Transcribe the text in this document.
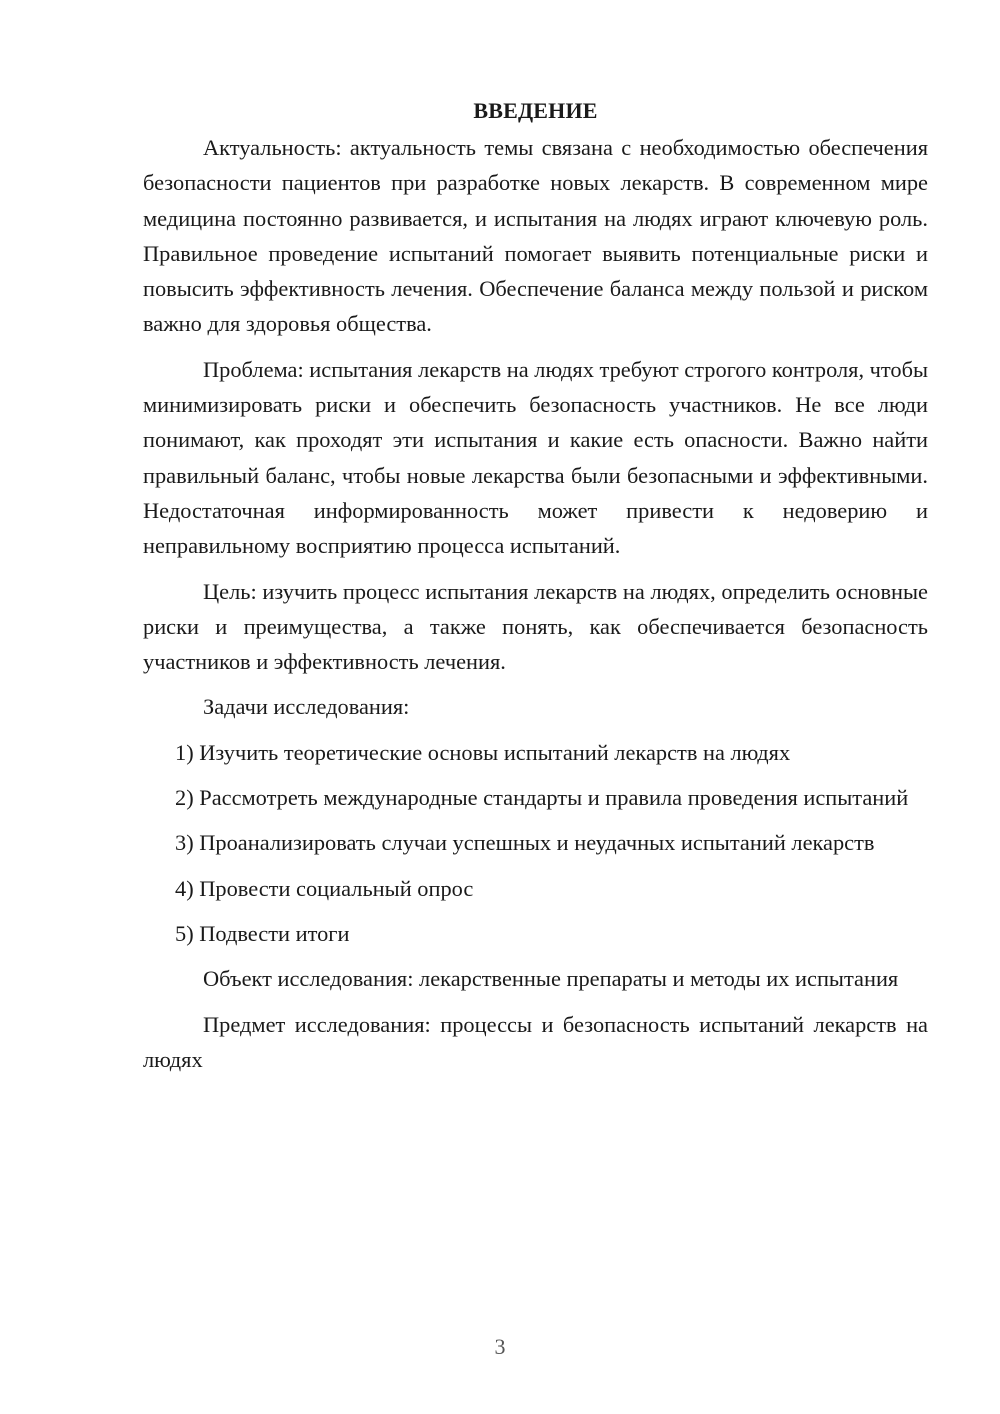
ВВЕДЕНИЕ

Актуальность: актуальность темы связана с необходимостью обеспечения безопасности пациентов при разработке новых лекарств. В современном мире медицина постоянно развивается, и испытания на людях играют ключевую роль. Правильное проведение испытаний помогает выявить потенциальные риски и повысить эффективность лечения. Обеспечение баланса между пользой и риском важно для здоровья общества.

Проблема: испытания лекарств на людях требуют строгого контроля, чтобы минимизировать риски и обеспечить безопасность участников. Не все люди понимают, как проходят эти испытания и какие есть опасности. Важно найти правильный баланс, чтобы новые лекарства были безопасными и эффективными. Недостаточная информированность может привести к недоверию и неправильному восприятию процесса испытаний.

Цель: изучить процесс испытания лекарств на людях, определить основные риски и преимущества, а также понять, как обеспечивается безопасность участников и эффективность лечения.

Задачи исследования:

1) Изучить теоретические основы испытаний лекарств на людях

2) Рассмотреть международные стандарты и правила проведения испытаний

3) Проанализировать случаи успешных и неудачных испытаний лекарств

4) Провести социальный опрос

5) Подвести итоги

Объект исследования: лекарственные препараты и методы их испытания

Предмет исследования: процессы и безопасность испытаний лекарств на людях

3
